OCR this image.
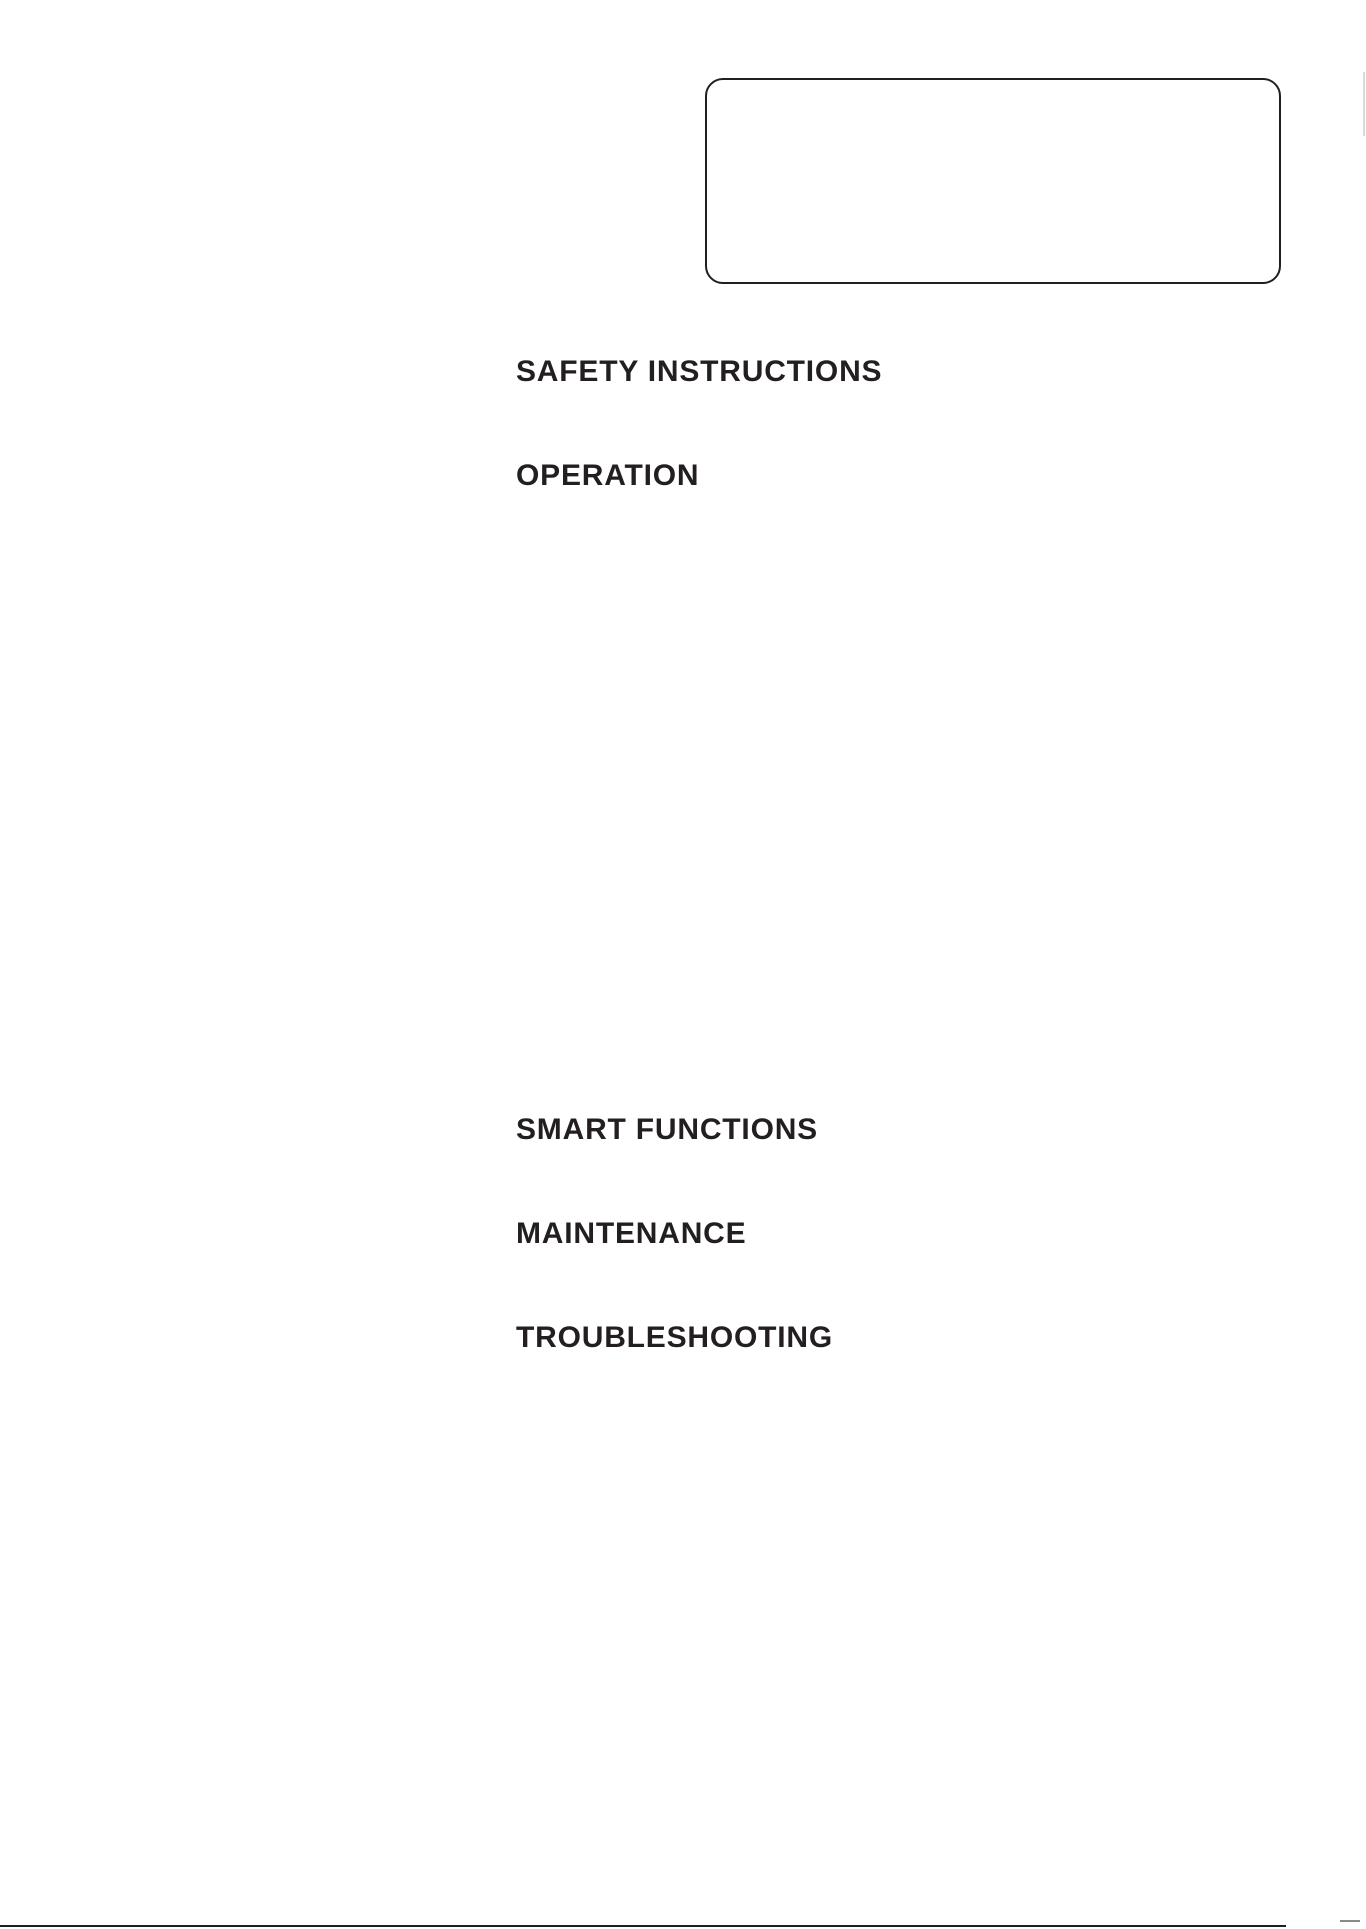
SAFETY INSTRUCTIONS
OPERATION
SMART FUNCTIONS
MAINTENANCE
TROUBLESHOOTING
